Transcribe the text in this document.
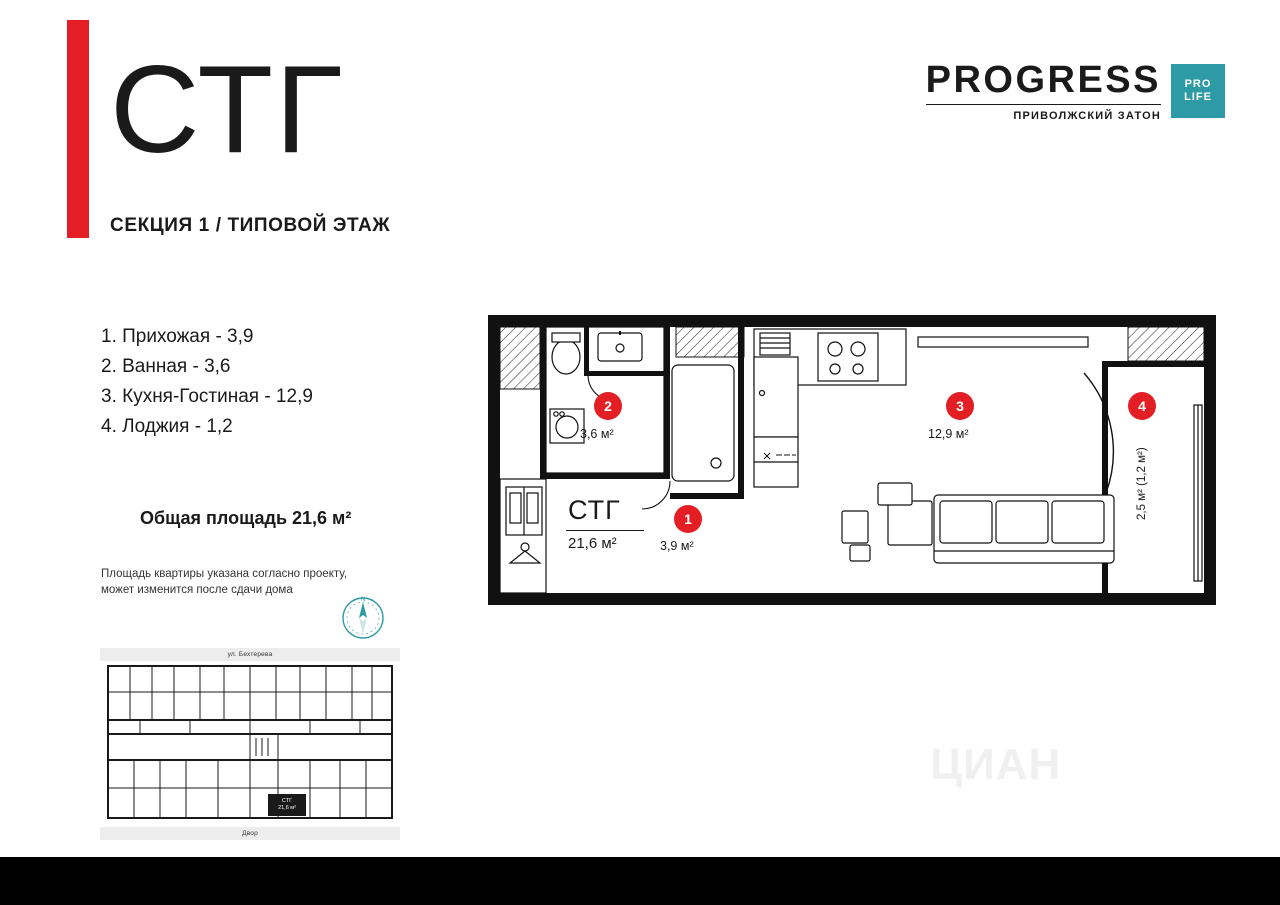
СТГ
СЕКЦИЯ 1 / ТИПОВОЙ ЭТАЖ
PROGRESS
ПРИВОЛЖСКИЙ ЗАТОН
PRO
LIFE
1. Прихожая - 3,9
2. Ванная - 3,6
3. Кухня-Гостиная - 12,9
4. Лоджия - 1,2
Общая площадь 21,6 м²
Площадь квартиры указана согласно проекту,
может изменится после сдачи дома
N
ул. Бехтерева
Двор
СТГ
21,6 м²
2
3,6 м²
3
12,9 м²
4
2,5 м² (1,2 м²)
1
3,9 м²
СТГ
21,6 м²
ЦИАН
